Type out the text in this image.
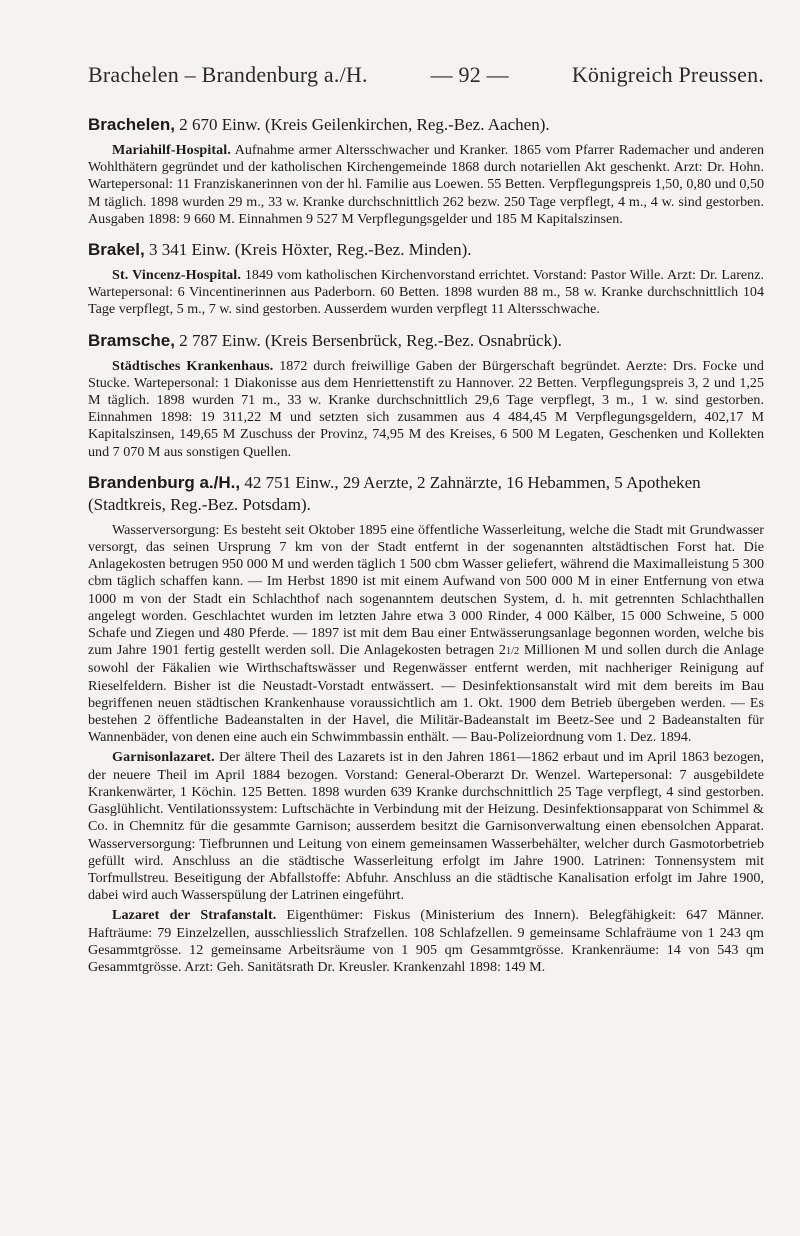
Brachelen – Brandenburg a./H.	— 92 —	Königreich Preussen.
Brachelen, 2 670 Einw. (Kreis Geilenkirchen, Reg.-Bez. Aachen).

Mariahilf-Hospital. Aufnahme armer Altersschwacher und Kranker. 1865 vom Pfarrer Rademacher und anderen Wohlthätern gegründet und der katholischen Kirchengemeinde 1868 durch notariellen Akt geschenkt. Arzt: Dr. Hohn. Wartepersonal: 11 Franziskanerinnen von der hl. Familie aus Loewen. 55 Betten. Verpflegungspreis 1,50, 0,80 und 0,50 M täglich. 1898 wurden 29 m., 33 w. Kranke durchschnittlich 262 bezw. 250 Tage verpflegt, 4 m., 4 w. sind gestorben. Ausgaben 1898: 9 660 M. Einnahmen 9 527 M Verpflegungsgelder und 185 M Kapitalszinsen.

Brakel, 3 341 Einw. (Kreis Höxter, Reg.-Bez. Minden).

St. Vincenz-Hospital. 1849 vom katholischen Kirchenvorstand errichtet. Vorstand: Pastor Wille. Arzt: Dr. Larenz. Wartepersonal: 6 Vincentinerinnen aus Paderborn. 60 Betten. 1898 wurden 88 m., 58 w. Kranke durchschnittlich 104 Tage verpflegt, 5 m., 7 w. sind gestorben. Ausserdem wurden verpflegt 11 Altersschwache.

Bramsche, 2 787 Einw. (Kreis Bersenbrück, Reg.-Bez. Osnabrück).

Städtisches Krankenhaus. 1872 durch freiwillige Gaben der Bürgerschaft begründet. Aerzte: Drs. Focke und Stucke. Wartepersonal: 1 Diakonisse aus dem Henriettenstift zu Hannover. 22 Betten. Verpflegungspreis 3, 2 und 1,25 M täglich. 1898 wurden 71 m., 33 w. Kranke durchschnittlich 29,6 Tage verpflegt, 3 m., 1 w. sind gestorben. Einnahmen 1898: 19 311,22 M und setzten sich zusammen aus 4 484,45 M Verpflegungsgeldern, 402,17 M Kapitalszinsen, 149,65 M Zuschuss der Provinz, 74,95 M des Kreises, 6 500 M Legaten, Geschenken und Kollekten und 7 070 M aus sonstigen Quellen.

Brandenburg a./H., 42 751 Einw., 29 Aerzte, 2 Zahnärzte, 16 Hebammen, 5 Apotheken (Stadtkreis, Reg.-Bez. Potsdam).

Wasserversorgung: Es besteht seit Oktober 1895 eine öffentliche Wasserleitung, welche die Stadt mit Grundwasser versorgt, das seinen Ursprung 7 km von der Stadt entfernt in der sogenannten altstädtischen Forst hat. Die Anlagekosten betrugen 950 000 M und werden täglich 1 500 cbm Wasser geliefert, während die Maximalleistung 5 300 cbm täglich schaffen kann. — Im Herbst 1890 ist mit einem Aufwand von 500 000 M in einer Entfernung von etwa 1000 m von der Stadt ein Schlachthof nach sogenanntem deutschen System, d. h. mit getrennten Schlachthallen angelegt worden. Geschlachtet wurden im letzten Jahre etwa 3 000 Rinder, 4 000 Kälber, 15 000 Schweine, 5 000 Schafe und Ziegen und 480 Pferde. — 1897 ist mit dem Bau einer Entwässerungsanlage begonnen worden, welche bis zum Jahre 1901 fertig gestellt werden soll. Die Anlagekosten betragen 21/2 Millionen M und sollen durch die Anlage sowohl der Fäkalien wie Wirthschaftswässer und Regenwässer entfernt werden, mit nachheriger Reinigung auf Rieselfeldern. Bisher ist die Neustadt-Vorstadt entwässert. — Desinfektionsanstalt wird mit dem bereits im Bau begriffenen neuen städtischen Krankenhause voraussichtlich am 1. Okt. 1900 dem Betrieb übergeben werden. — Es bestehen 2 öffentliche Badeanstalten in der Havel, die Militär-Badeanstalt im Beetz-See und 2 Badeanstalten für Wannenbäder, von denen eine auch ein Schwimmbassin enthält. — Bau-Polizeiordnung vom 1. Dez. 1894.

Garnisonlazaret. Der ältere Theil des Lazarets ist in den Jahren 1861—1862 erbaut und im April 1863 bezogen, der neuere Theil im April 1884 bezogen. Vorstand: General-Oberarzt Dr. Wenzel. Wartepersonal: 7 ausgebildete Krankenwärter, 1 Köchin. 125 Betten. 1898 wurden 639 Kranke durchschnittlich 25 Tage verpflegt, 4 sind gestorben. Gasglühlicht. Ventilationssystem: Luftschächte in Verbindung mit der Heizung. Desinfektionsapparat von Schimmel & Co. in Chemnitz für die gesammte Garnison; ausserdem besitzt die Garnisonverwaltung einen ebensolchen Apparat. Wasserversorgung: Tiefbrunnen und Leitung von einem gemeinsamen Wasserbehälter, welcher durch Gasmotorbetrieb gefüllt wird. Anschluss an die städtische Wasserleitung erfolgt im Jahre 1900. Latrinen: Tonnensystem mit Torfmullstreu. Beseitigung der Abfallstoffe: Abfuhr. Anschluss an die städtische Kanalisation erfolgt im Jahre 1900, dabei wird auch Wasserspülung der Latrinen eingeführt.

Lazaret der Strafanstalt. Eigenthümer: Fiskus (Ministerium des Innern). Belegfähigkeit: 647 Männer. Hafträume: 79 Einzelzellen, ausschliesslich Strafzellen. 108 Schlafzellen. 9 gemeinsame Schlafräume von 1 243 qm Gesammtgrösse. 12 gemeinsame Arbeitsräume von 1 905 qm Gesammtgrösse. Krankenräume: 14 von 543 qm Gesammtgrösse. Arzt: Geh. Sanitätsrath Dr. Kreusler. Krankenzahl 1898: 149 M.
